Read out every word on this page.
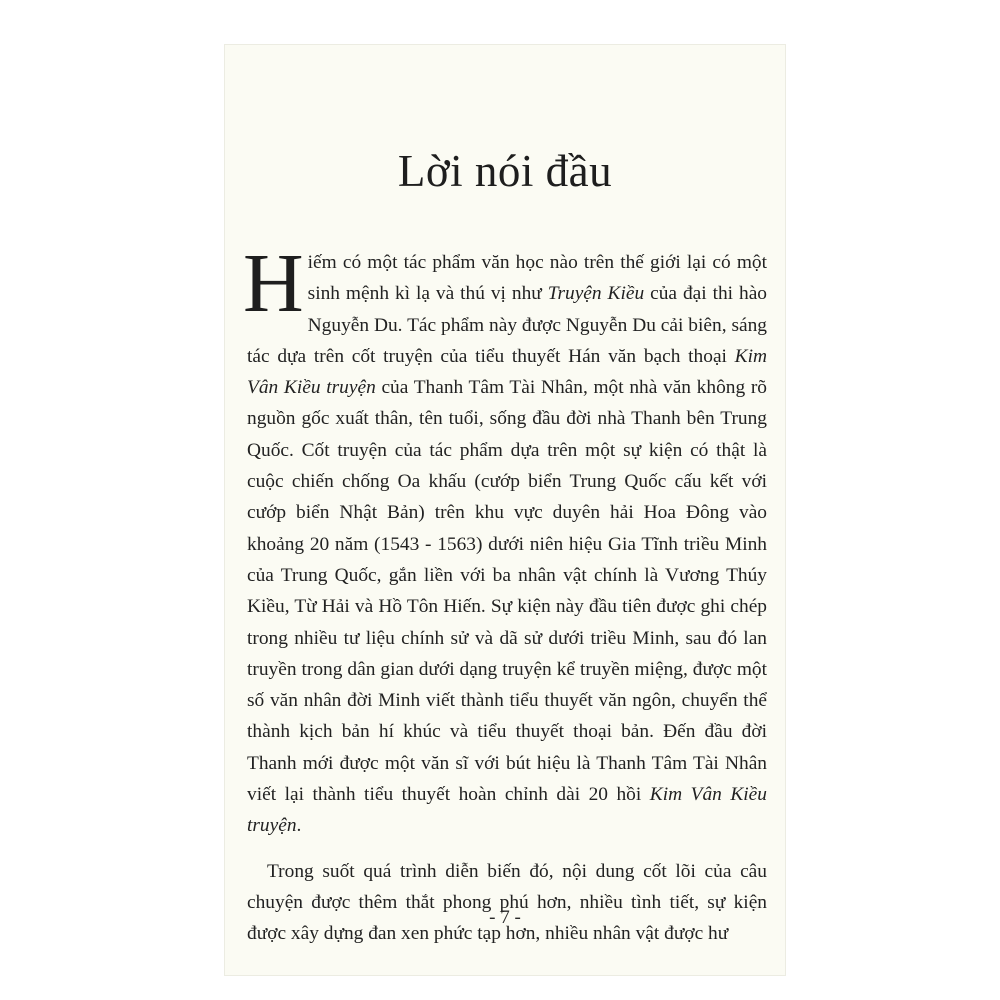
Lời nói đầu

Hiếm có một tác phẩm văn học nào trên thế giới lại có một sinh mệnh kì lạ và thú vị như Truyện Kiều của đại thi hào Nguyễn Du. Tác phẩm này được Nguyễn Du cải biên, sáng tác dựa trên cốt truyện của tiểu thuyết Hán văn bạch thoại Kim Vân Kiều truyện của Thanh Tâm Tài Nhân, một nhà văn không rõ nguồn gốc xuất thân, tên tuổi, sống đầu đời nhà Thanh bên Trung Quốc. Cốt truyện của tác phẩm dựa trên một sự kiện có thật là cuộc chiến chống Oa khấu (cướp biển Trung Quốc cấu kết với cướp biển Nhật Bản) trên khu vực duyên hải Hoa Đông vào khoảng 20 năm (1543 - 1563) dưới niên hiệu Gia Tĩnh triều Minh của Trung Quốc, gắn liền với ba nhân vật chính là Vương Thúy Kiều, Từ Hải và Hồ Tôn Hiến. Sự kiện này đầu tiên được ghi chép trong nhiều tư liệu chính sử và dã sử dưới triều Minh, sau đó lan truyền trong dân gian dưới dạng truyện kể truyền miệng, được một số văn nhân đời Minh viết thành tiểu thuyết văn ngôn, chuyển thể thành kịch bản hí khúc và tiểu thuyết thoại bản. Đến đầu đời Thanh mới được một văn sĩ với bút hiệu là Thanh Tâm Tài Nhân viết lại thành tiểu thuyết hoàn chỉnh dài 20 hồi Kim Vân Kiều truyện.

Trong suốt quá trình diễn biến đó, nội dung cốt lõi của câu chuyện được thêm thắt phong phú hơn, nhiều tình tiết, sự kiện được xây dựng đan xen phức tạp hơn, nhiều nhân vật được hư

- 7 -
